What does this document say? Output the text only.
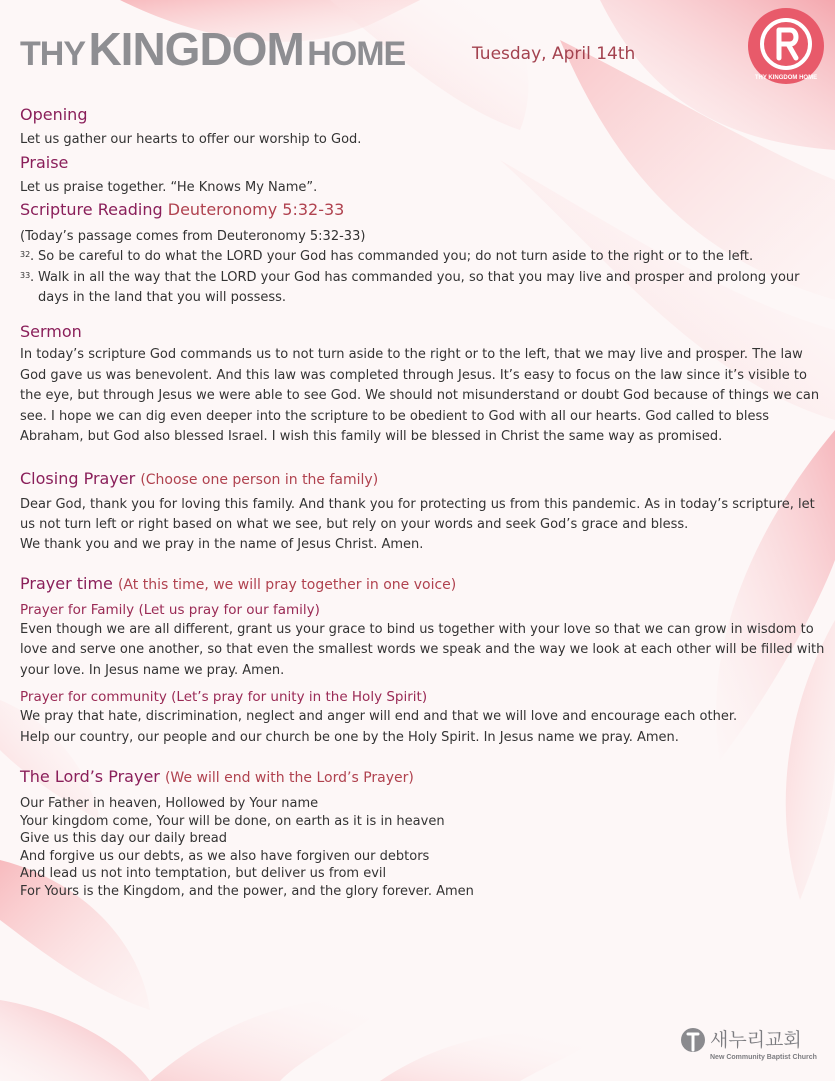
THY KINGDOM HOME	Tuesday, April 14th
THY KINGDOM HOME

Opening

Let us gather our hearts to offer our worship to God.

Praise

Let us praise together. “He Knows My Name”.

Scripture Reading Deuteronomy 5:32-33

(Today’s passage comes from Deuteronomy 5:32-33)

32 . So be careful to do what the LORD your God has commanded you; do not turn aside to the right or to the left.

33 . Walk in all the way that the LORD your God has commanded you, so that you may live and prosper and prolong your days in the land that you will possess.

Sermon

In today’s scripture God commands us to not turn aside to the right or to the left, that we may live and prosper. The law God gave us was benevolent. And this law was completed through Jesus. It’s easy to focus on the law since it’s visible to the eye, but through Jesus we were able to see God. We should not misunderstand or doubt God because of things we can see. I hope we can dig even deeper into the scripture to be obedient to God with all our hearts. God called to bless Abraham, but God also blessed Israel. I wish this family will be blessed in Christ the same way as promised.

Closing Prayer (Choose one person in the family)

Dear God, thank you for loving this family. And thank you for protecting us from this pandemic. As in today’s scripture, let us not turn left or right based on what we see, but rely on your words and seek God’s grace and bless.

We thank you and we pray in the name of Jesus Christ. Amen.

Prayer time (At this time, we will pray together in one voice)

Prayer for Family (Let us pray for our family)

Even though we are all different, grant us your grace to bind us together with your love so that we can grow in wisdom to love and serve one another, so that even the smallest words we speak and the way we look at each other will be filled with your love. In Jesus name we pray. Amen.

Prayer for community (Let’s pray for unity in the Holy Spirit)

We pray that hate, discrimination, neglect and anger will end and that we will love and encourage each other.

Help our country, our people and our church be one by the Holy Spirit. In Jesus name we pray. Amen.

The Lord’s Prayer (We will end with the Lord’s Prayer)

Our Father in heaven, Hollowed by Your name

Your kingdom come, Your will be done, on earth as it is in heaven

Give us this day our daily bread

And forgive us our debts, as we also have forgiven our debtors

And lead us not into temptation, but deliver us from evil

For Yours is the Kingdom, and the power, and the glory forever. Amen

새누리교회
New Community Baptist Church
